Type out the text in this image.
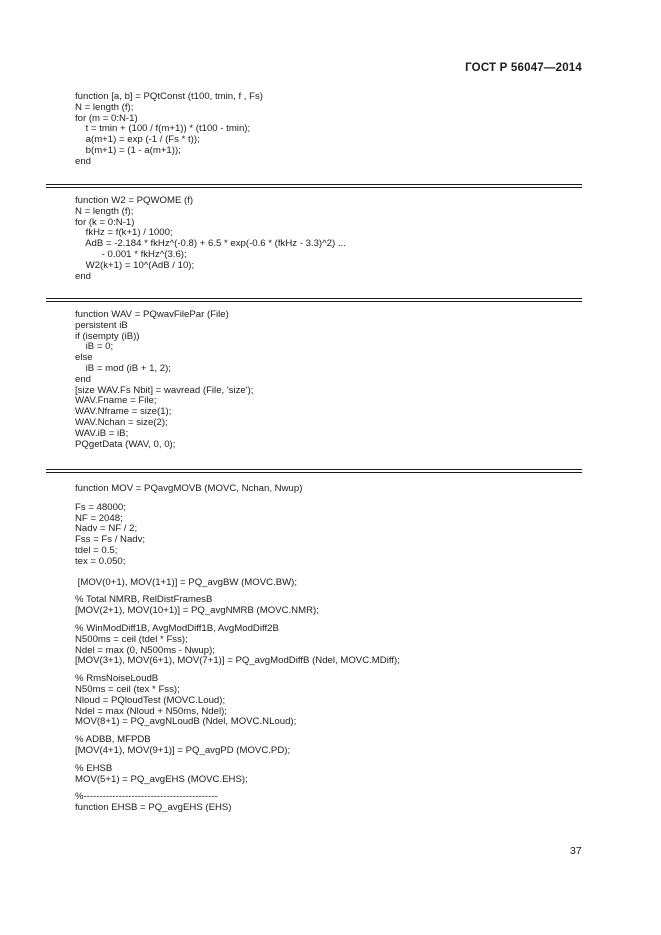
ГОСТ Р 56047—2014
function [a, b] = PQtConst (t100, tmin, f , Fs)
N = length (f);
for (m = 0:N-1)
t = tmin + (100 / f(m+1)) * (t100 - tmin);
a(m+1) = exp (-1 / (Fs * t));
b(m+1) = (1 - a(m+1));
end
function W2 = PQWOME (f)
N = length (f);
for (k = 0:N-1)
fkHz = f(k+1) / 1000;
AdB = -2.184 * fkHz^(-0.8) + 6.5 * exp(-0.6 * (fkHz - 3.3)^2) ...
- 0.001 * fkHz^(3.6);
W2(k+1) = 10^(AdB / 10);
end
function WAV = PQwavFilePar (File)
persistent iB
if (isempty (iB))
iB = 0;
else
iB = mod (iB + 1, 2);
end
[size WAV.Fs Nbit] = wavread (File, 'size');
WAV.Fname = File;
WAV.Nframe = size(1);
WAV.Nchan = size(2);
WAV.iB = iB;
PQgetData (WAV, 0, 0);
function MOV = PQavgMOVB (MOVC, Nchan, Nwup)
Fs = 48000;
NF = 2048;
Nadv = NF / 2;
Fss = Fs / Nadv;
tdel = 0.5;
tex = 0.050;
[MOV(0+1), MOV(1+1)] = PQ_avgBW (MOVC.BW);
% Total NMRB, RelDistFramesB
[MOV(2+1), MOV(10+1)] = PQ_avgNMRB (MOVC.NMR);
% WinModDiff1B, AvgModDiff1B, AvgModDiff2B
N500ms = ceil (tdel * Fss);
Ndel = max (0, N500ms - Nwup);
[MOV(3+1), MOV(6+1), MOV(7+1)] = PQ_avgModDiffB (Ndel, MOVC.MDiff);
% RmsNoiseLoudB
N50ms = ceil (tex * Fss);
Nloud = PQloudTest (MOVC.Loud);
Ndel = max (Nloud + N50ms, Ndel);
MOV(8+1) = PQ_avgNLoudB (Ndel, MOVC.NLoud);
% ADBB, MFPDB
[MOV(4+1), MOV(9+1)] = PQ_avgPD (MOVC.PD);
% EHSB
MOV(5+1) = PQ_avgEHS (MOVC.EHS);
%------------------------------------------
function EHSB = PQ_avgEHS (EHS)
37
